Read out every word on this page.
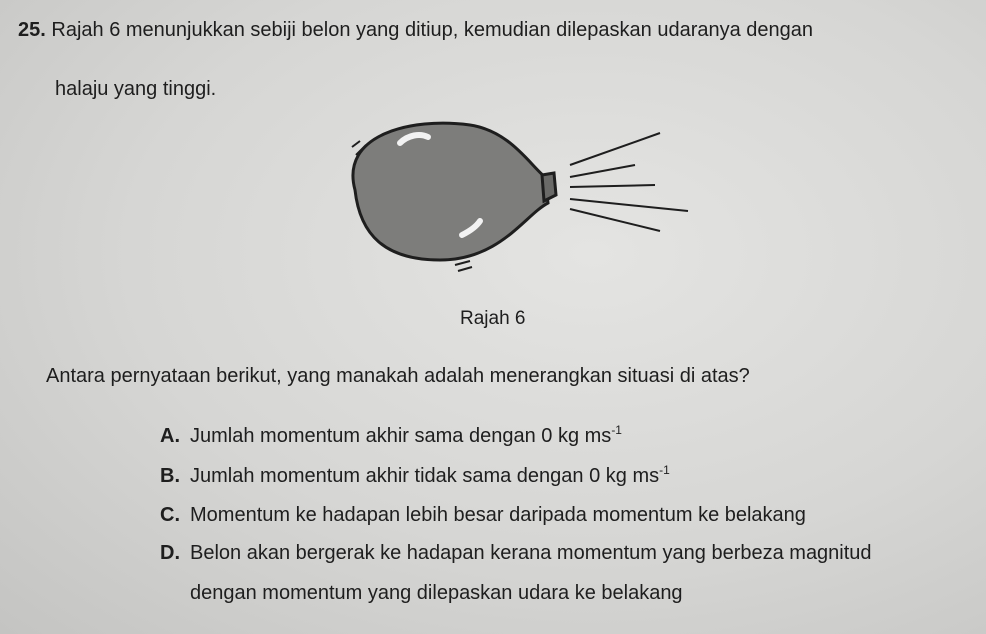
25. Rajah 6 menunjukkan sebiji belon yang ditiup, kemudian dilepaskan udaranya dengan
halaju yang tinggi.
Rajah 6
Antara pernyataan berikut, yang manakah adalah menerangkan situasi di atas?
A. Jumlah momentum akhir sama dengan 0 kg $ms^{-1}$
B. Jumlah momentum akhir tidak sama dengan 0 kg $ms^{-1}$
C. Momentum ke hadapan lebih besar daripada momentum ke belakang
D. Belon akan bergerak ke hadapan kerana momentum yang berbeza magnitud
dengan momentum yang dilepaskan udara ke belakang
